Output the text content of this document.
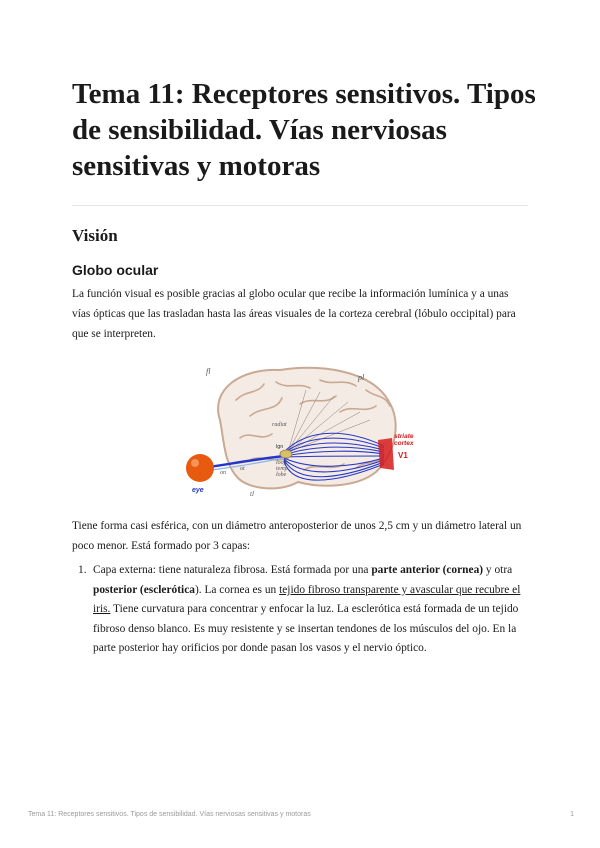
Tema 11: Receptores sensitivos. Tipos de sensibilidad. Vías nerviosas sensitivas y motoras
Visión
Globo ocular

La función visual es posible gracias al globo ocular que recibe la información lumínica y a unas vías ópticas que las trasladan hasta las áreas visuales de la corteza cerebral (lóbulo occipital) para que se interpreten.

fl
pl
radiat
lgn
loop
temp
lobe
on
ot
tl
eye
striate
cortex
V1

Tiene forma casi esférica, con un diámetro anteroposterior de unos 2,5 cm y un diámetro lateral un poco menor. Está formado por 3 capas:

1. Capa externa: tiene naturaleza fibrosa. Está formada por una parte anterior (cornea) y otra posterior (esclerótica). La cornea es un tejido fibroso transparente y avascular que recubre el iris. Tiene curvatura para concentrar y enfocar la luz. La esclerótica está formada de un tejido fibroso denso blanco. Es muy resistente y se insertan tendones de los músculos del ojo. En la parte posterior hay orificios por donde pasan los vasos y el nervio óptico.
Tema 11: Receptores sensitivos. Tipos de sensibilidad. Vías nerviosas sensitivas y motoras	1
